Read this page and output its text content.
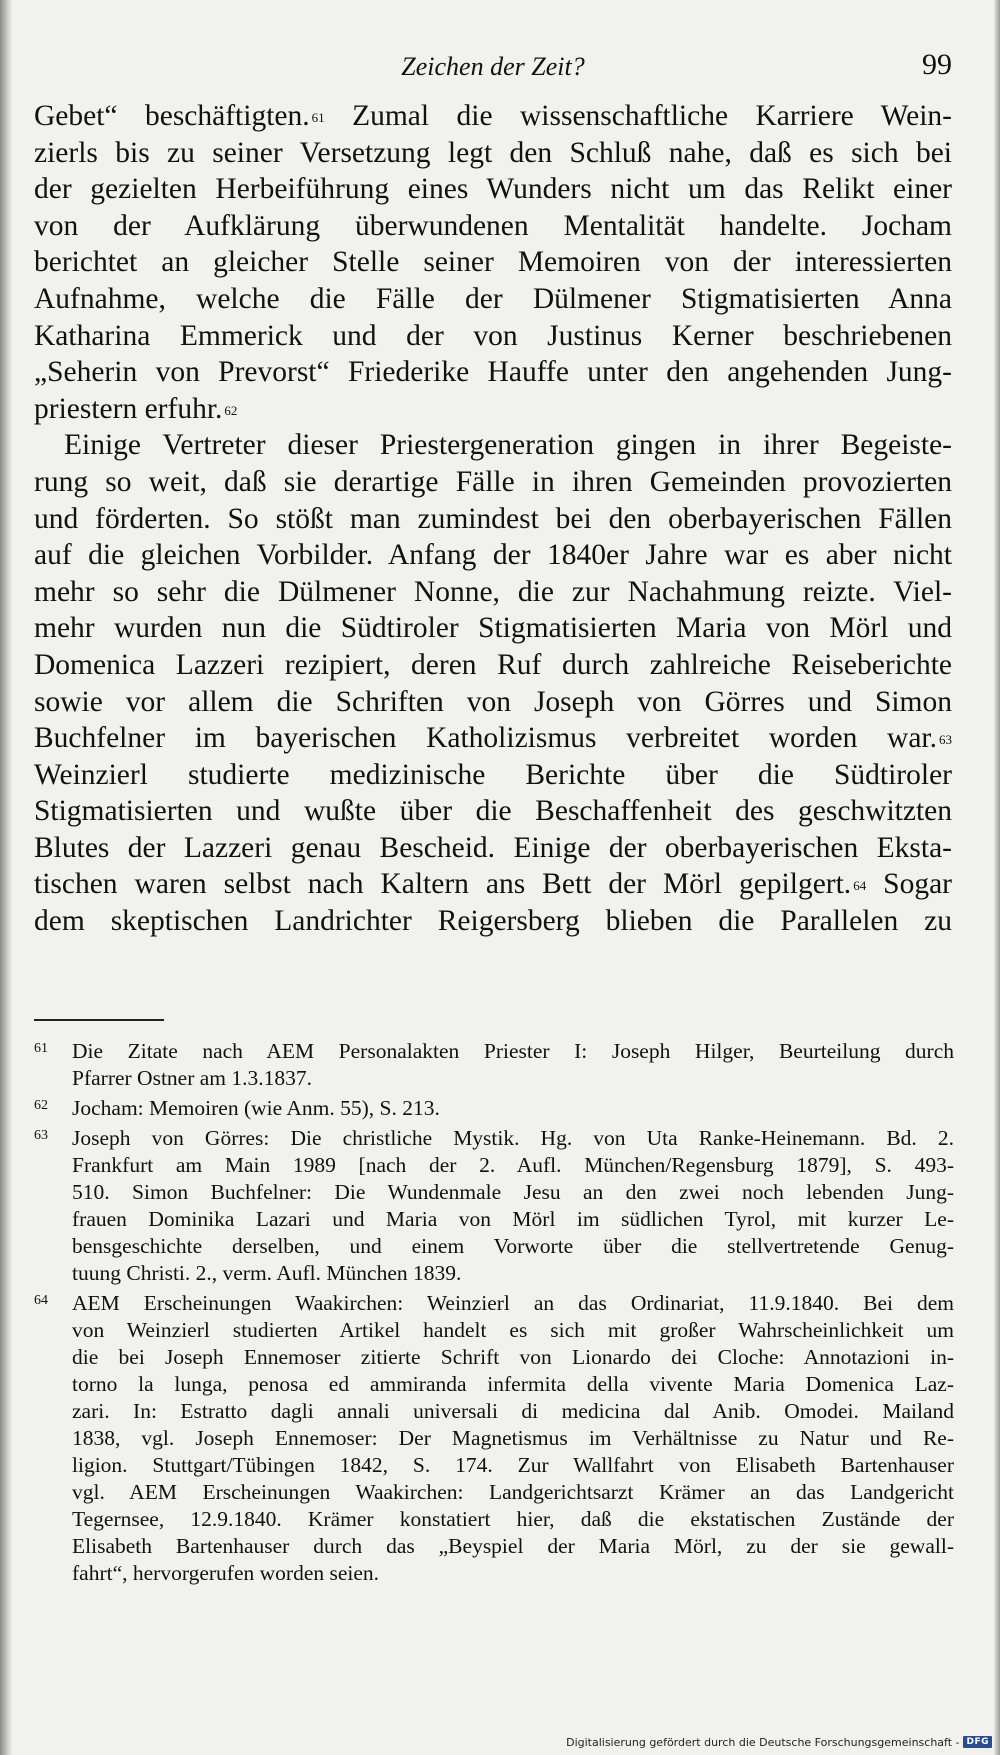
Zeichen der Zeit?	99
Gebet“ beschäftigten. $^{61}$ Zumal die wissenschaftliche Karriere Wein-
zierls bis zu seiner Versetzung legt den Schluß nahe, daß es sich bei
der gezielten Herbeiführung eines Wunders nicht um das Relikt einer
von der Aufklärung überwundenen Mentalität handelte. Jocham
berichtet an gleicher Stelle seiner Memoiren von der interessierten
Aufnahme, welche die Fälle der Dülmener Stigmatisierten Anna
Katharina Emmerick und der von Justinus Kerner beschriebenen
„Seherin von Prevorst“ Friederike Hauffe unter den angehenden Jung-
priestern erfuhr. $^{62}$
Einige Vertreter dieser Priestergeneration gingen in ihrer Begeiste-
rung so weit, daß sie derartige Fälle in ihren Gemeinden provozierten
und förderten. So stößt man zumindest bei den oberbayerischen Fällen
auf die gleichen Vorbilder. Anfang der 1840er Jahre war es aber nicht
mehr so sehr die Dülmener Nonne, die zur Nachahmung reizte. Viel-
mehr wurden nun die Südtiroler Stigmatisierten Maria von Mörl und
Domenica Lazzeri rezipiert, deren Ruf durch zahlreiche Reiseberichte
sowie vor allem die Schriften von Joseph von Görres und Simon
Buchfelner im bayerischen Katholizismus verbreitet worden war. $^{63}$
Weinzierl studierte medizinische Berichte über die Südtiroler
Stigmatisierten und wußte über die Beschaffenheit des geschwitzten
Blutes der Lazzeri genau Bescheid. Einige der oberbayerischen Eksta-
tischen waren selbst nach Kaltern ans Bett der Mörl gepilgert. $^{64}$ Sogar
dem skeptischen Landrichter Reigersberg blieben die Parallelen zu
61 Die Zitate nach AEM Personalakten Priester I: Joseph Hilger, Beurteilung durch
Pfarrer Ostner am 1.3.1837.
62 Jocham: Memoiren (wie Anm. 55), S. 213.
63 Joseph von Görres: Die christliche Mystik. Hg. von Uta Ranke-Heinemann. Bd. 2.
Frankfurt am Main 1989 [nach der 2. Aufl. München/Regensburg 1879], S. 493-
510. Simon Buchfelner: Die Wundenmale Jesu an den zwei noch lebenden Jung-
frauen Dominika Lazari und Maria von Mörl im südlichen Tyrol, mit kurzer Le-
bensgeschichte derselben, und einem Vorworte über die stellvertretende Genug-
tuung Christi. 2., verm. Aufl. München 1839.
64 AEM Erscheinungen Waakirchen: Weinzierl an das Ordinariat, 11.9.1840. Bei dem
von Weinzierl studierten Artikel handelt es sich mit großer Wahrscheinlichkeit um
die bei Joseph Ennemoser zitierte Schrift von Lionardo dei Cloche: Annotazioni in-
torno la lunga, penosa ed ammiranda infermita della vivente Maria Domenica Laz-
zari. In: Estratto dagli annali universali di medicina dal Anib. Omodei. Mailand
1838, vgl. Joseph Ennemoser: Der Magnetismus im Verhältnisse zu Natur und Re-
ligion. Stuttgart/Tübingen 1842, S. 174. Zur Wallfahrt von Elisabeth Bartenhauser
vgl. AEM Erscheinungen Waakirchen: Landgerichtsarzt Krämer an das Landgericht
Tegernsee, 12.9.1840. Krämer konstatiert hier, daß die ekstatischen Zustände der
Elisabeth Bartenhauser durch das „Beyspiel der Maria Mörl, zu der sie gewall-
fahrt“, hervorgerufen worden seien.
Digitalisierung gefördert durch die Deutsche Forschungsgemeinschaft - DFG
